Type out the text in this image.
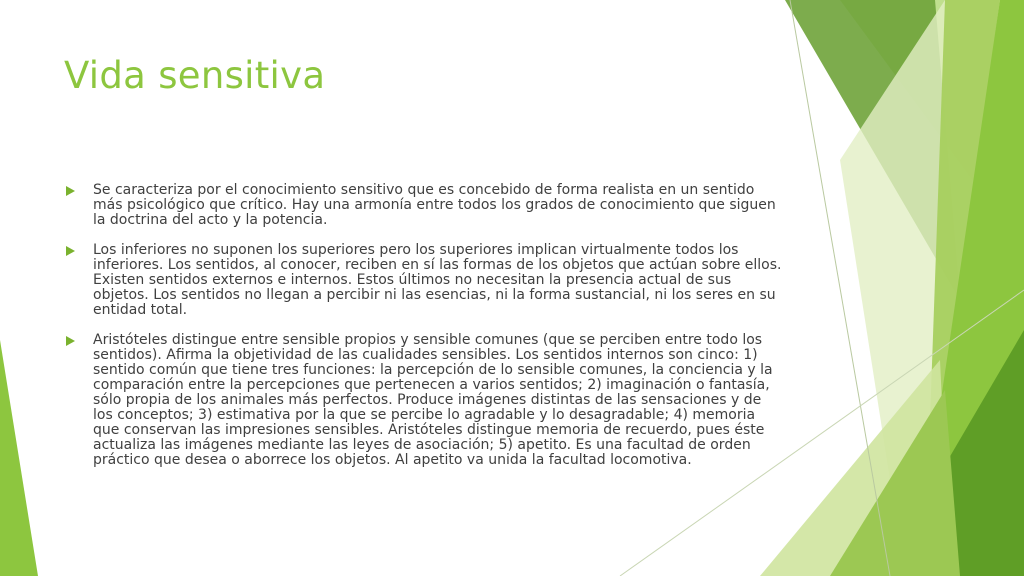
Vida sensitiva
Se caracteriza por el conocimiento sensitivo que es concebido de forma realista en un sentido más psicológico que crítico. Hay una armonía entre todos los grados de conocimiento que siguen la doctrina del acto y la potencia.
Los inferiores no suponen los superiores pero los superiores implican virtualmente todos los inferiores. Los sentidos, al conocer, reciben en sí las formas de los objetos que actúan sobre ellos. Existen sentidos externos e internos. Estos últimos no necesitan la presencia actual de sus objetos. Los sentidos no llegan a percibir ni las esencias, ni la forma sustancial, ni los seres en su entidad total.
Aristóteles distingue entre sensible propios y sensible comunes (que se perciben entre todo los sentidos). Afirma la objetividad de las cualidades sensibles. Los sentidos internos son cinco: 1) sentido común que tiene tres funciones: la percepción de lo sensible comunes, la conciencia y la comparación entre la percepciones que pertenecen a varios sentidos; 2) imaginación o fantasía, sólo propia de los animales más perfectos. Produce imágenes distintas de las sensaciones y de los conceptos; 3) estimativa por la que se percibe lo agradable y lo desagradable; 4) memoria que conservan las impresiones sensibles. Aristóteles distingue memoria de recuerdo, pues éste actualiza las imágenes mediante las leyes de asociación; 5) apetito. Es una facultad de orden práctico que desea o aborrece los objetos. Al apetito va unida la facultad locomotiva.
